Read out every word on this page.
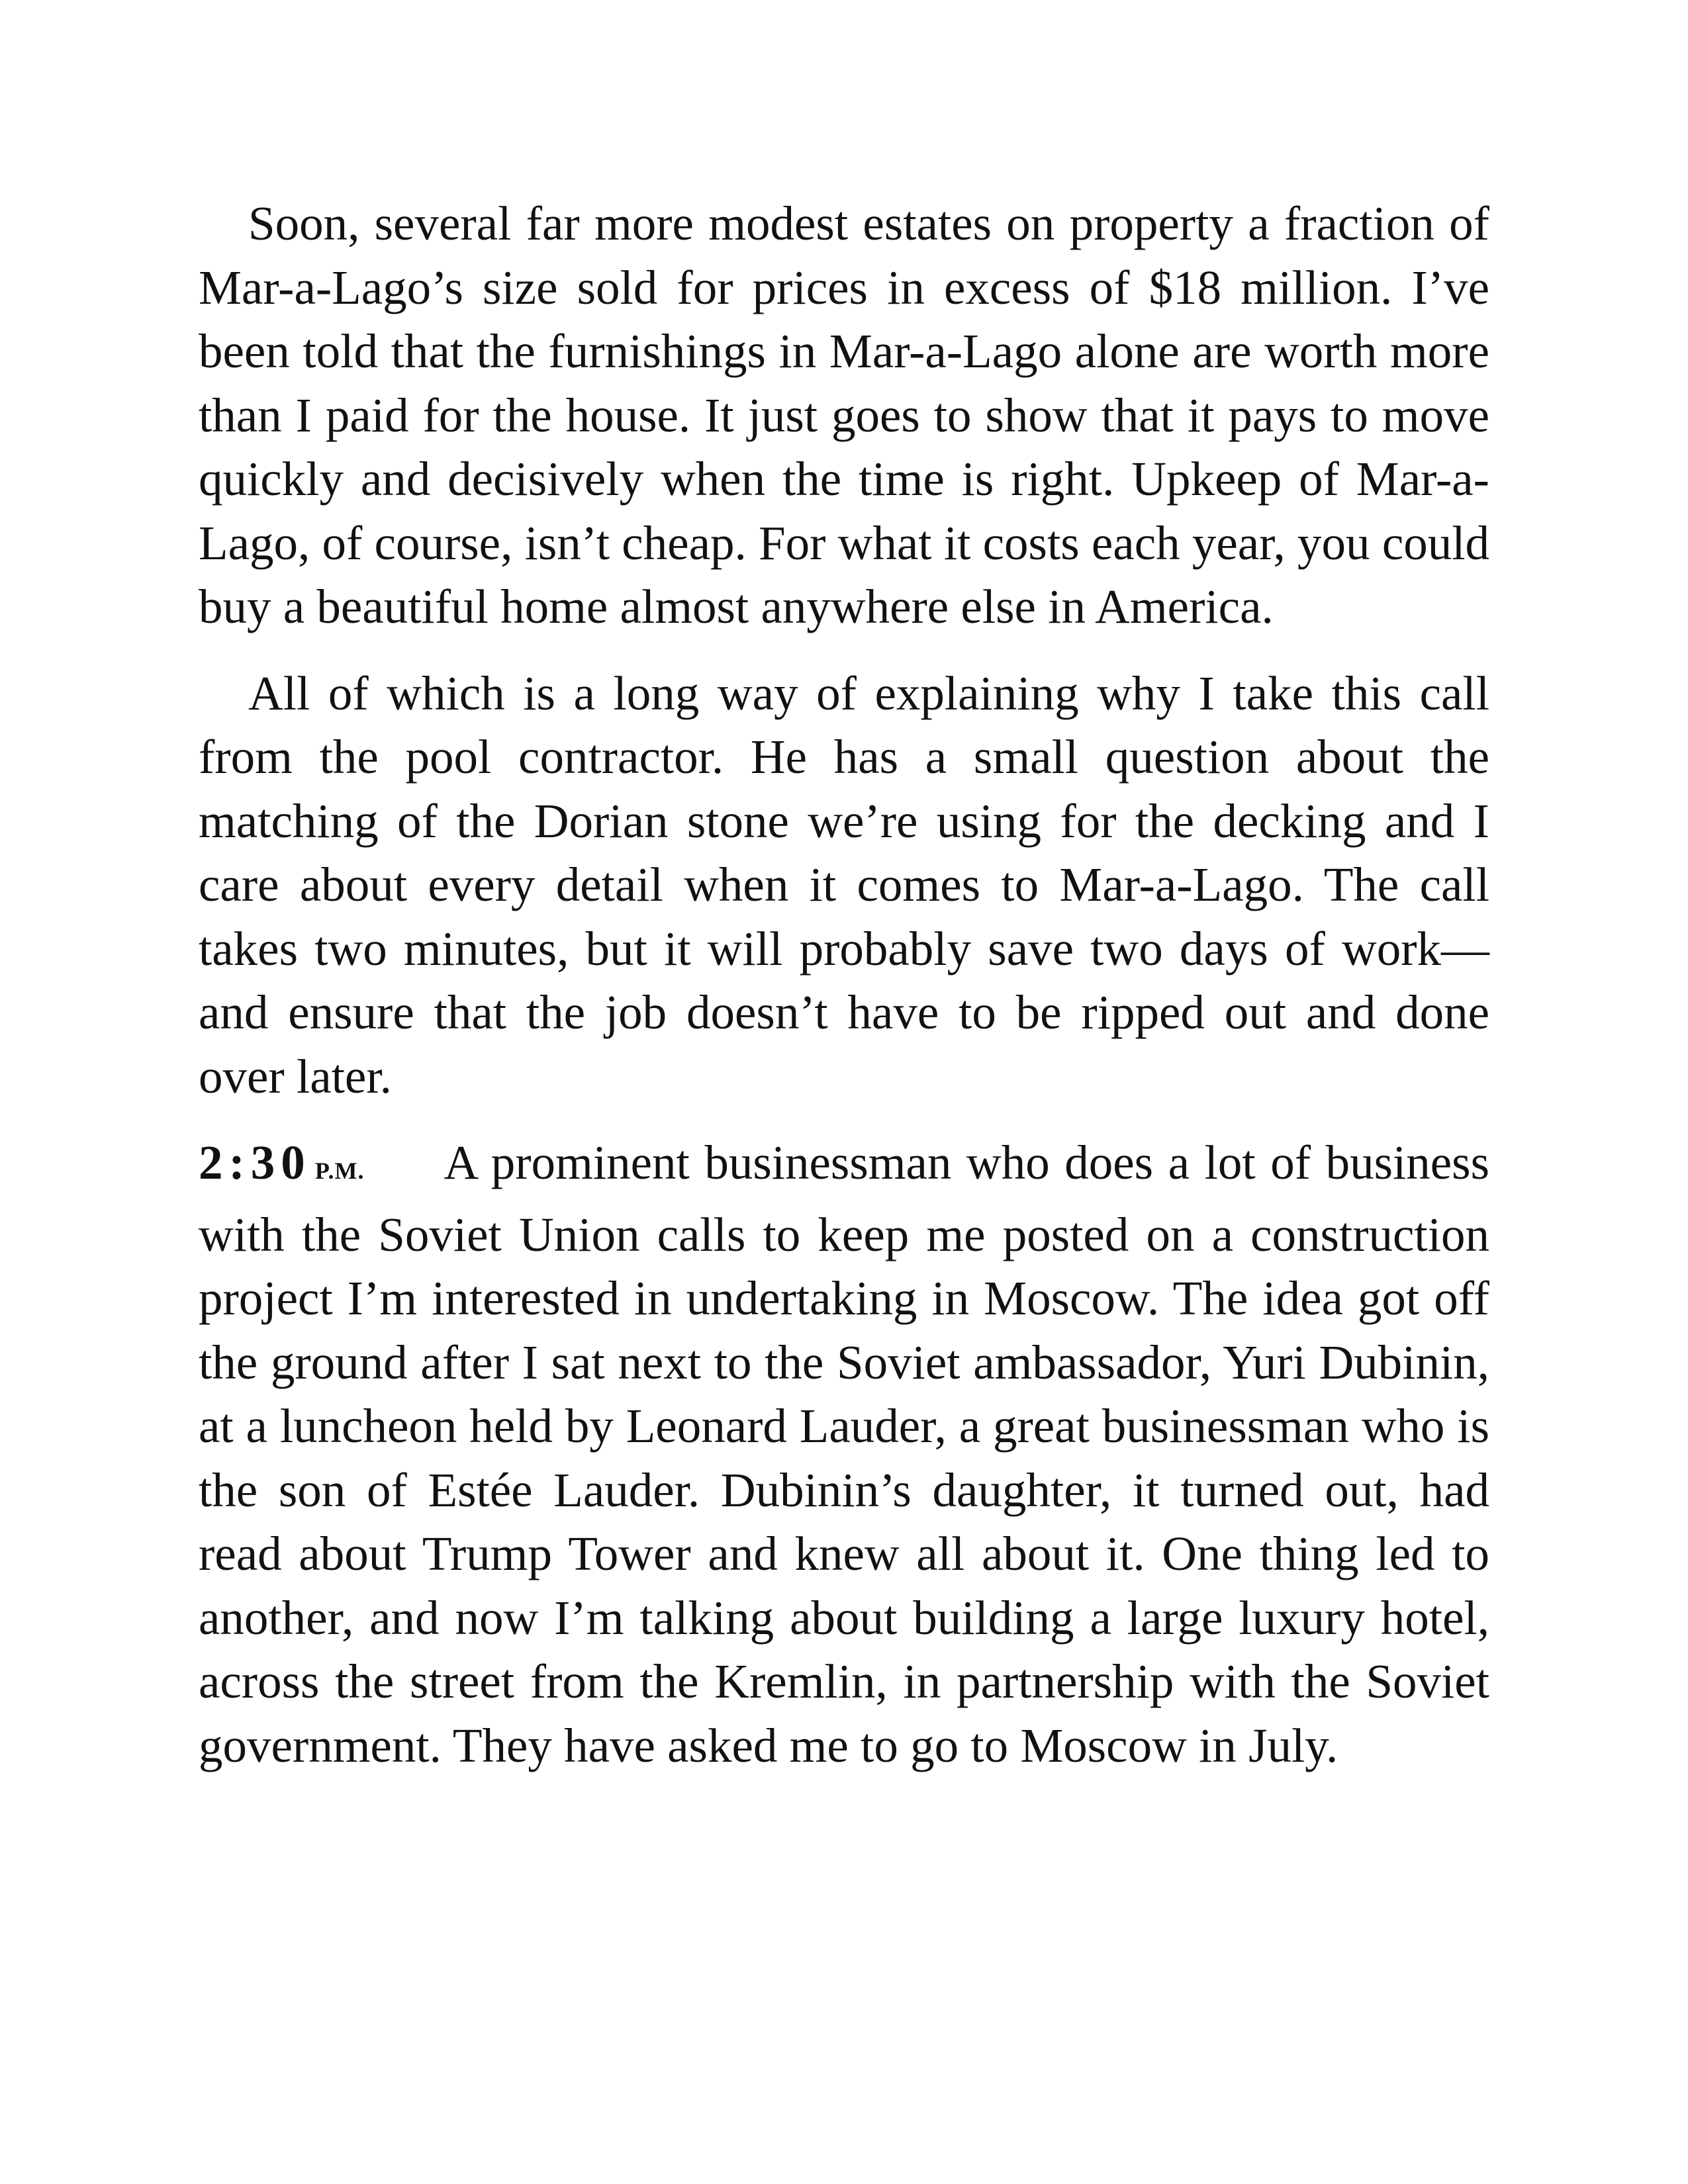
Soon, several far more modest estates on property a fraction of Mar-a-Lago’s size sold for prices in excess of $18 million. I’ve been told that the furnishings in Mar-a-Lago alone are worth more than I paid for the house. It just goes to show that it pays to move quickly and decisively when the time is right. Upkeep of Mar-a-Lago, of course, isn’t cheap. For what it costs each year, you could buy a beautiful home almost anywhere else in America.

All of which is a long way of explaining why I take this call from the pool contractor. He has a small question about the matching of the Dorian stone we’re using for the decking and I care about every detail when it comes to Mar-a-Lago. The call takes two minutes, but it will probably save two days of work—and ensure that the job doesn’t have to be ripped out and done over later.

2:30 P.M. A prominent businessman who does a lot of business with the Soviet Union calls to keep me posted on a construction project I’m interested in undertaking in Moscow. The idea got off the ground after I sat next to the Soviet ambassador, Yuri Dubinin, at a luncheon held by Leonard Lauder, a great businessman who is the son of Estée Lauder. Dubinin’s daughter, it turned out, had read about Trump Tower and knew all about it. One thing led to another, and now I’m talking about building a large luxury hotel, across the street from the Kremlin, in partnership with the Soviet government. They have asked me to go to Moscow in July.
